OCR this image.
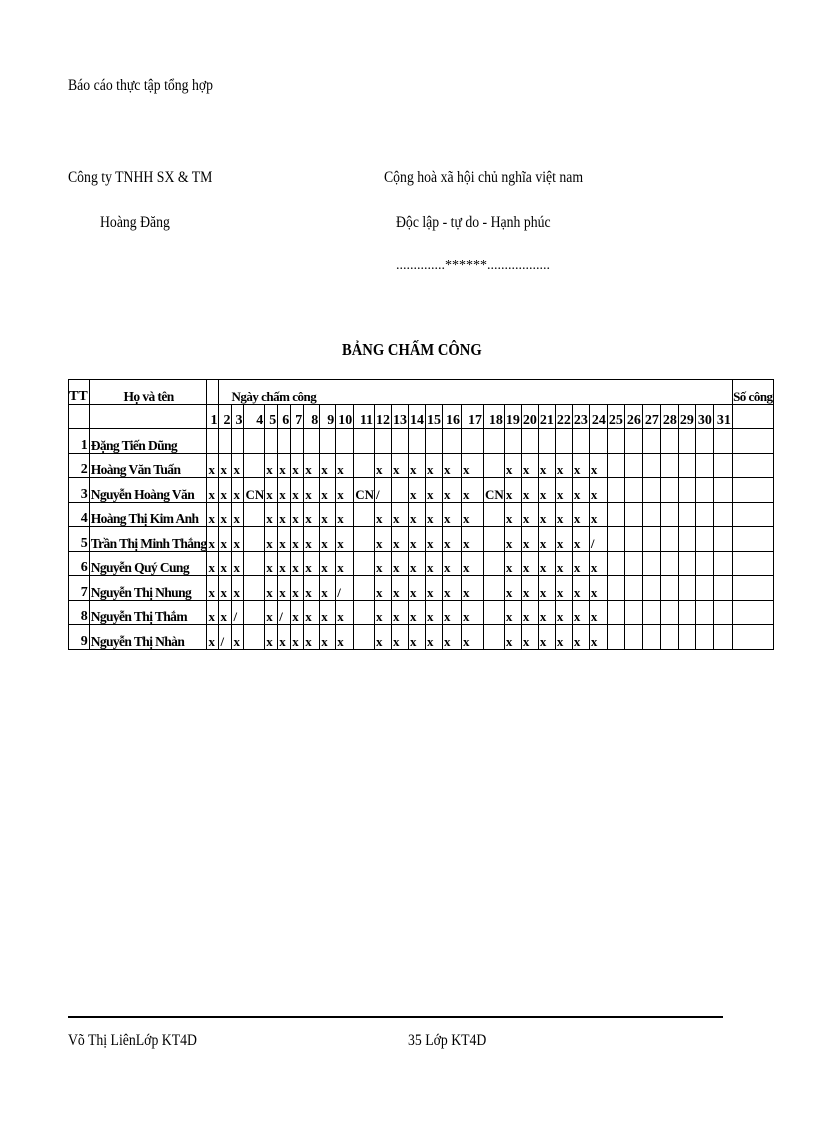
Báo cáo thực tập tổng hợp
Công ty TNHH SX & TM
Hoàng Đăng
Cộng hoà xã hội chủ nghĩa việt nam
Độc lập - tự do - Hạnh phúc
..............******..................
BẢNG CHẤM CÔNG
TT	Họ và tên		Ngày chấm công																														Số công
		1	2	3	4	5	6	7	8	9	10	11	12	13	14	15	16	17	18	19	20	21	22	23	24	25	26	27	28	29	30	31	
1	Đặng Tiến Dũng																																
2	Hoàng Văn Tuấn	x	x	x		x	x	x	x	x	x		x	x	x	x	x	x		x	x	x	x	x	x								
3	Nguyễn Hoàng Văn	x	x	x	CN	x	x	x	x	x	x	CN	/		x	x	x	x	CN	x	x	x	x	x	x								
4	Hoàng Thị Kim Anh	x	x	x		x	x	x	x	x	x		x	x	x	x	x	x		x	x	x	x	x	x								
5	Trần Thị Minh Thắng	x	x	x		x	x	x	x	x	x		x	x	x	x	x	x		x	x	x	x	x	/								
6	Nguyễn Quý Cung	x	x	x		x	x	x	x	x	x		x	x	x	x	x	x		x	x	x	x	x	x								
7	Nguyễn Thị Nhung	x	x	x		x	x	x	x	x	/		x	x	x	x	x	x		x	x	x	x	x	x								
8	Nguyễn Thị Thắm	x	x	/		x	/	x	x	x	x		x	x	x	x	x	x		x	x	x	x	x	x								
9	Nguyễn Thị Nhàn	x	/	x		x	x	x	x	x	x		x	x	x	x	x	x		x	x	x	x	x	x								
Võ Thị LiênLớp KT4D	35 Lớp KT4D
